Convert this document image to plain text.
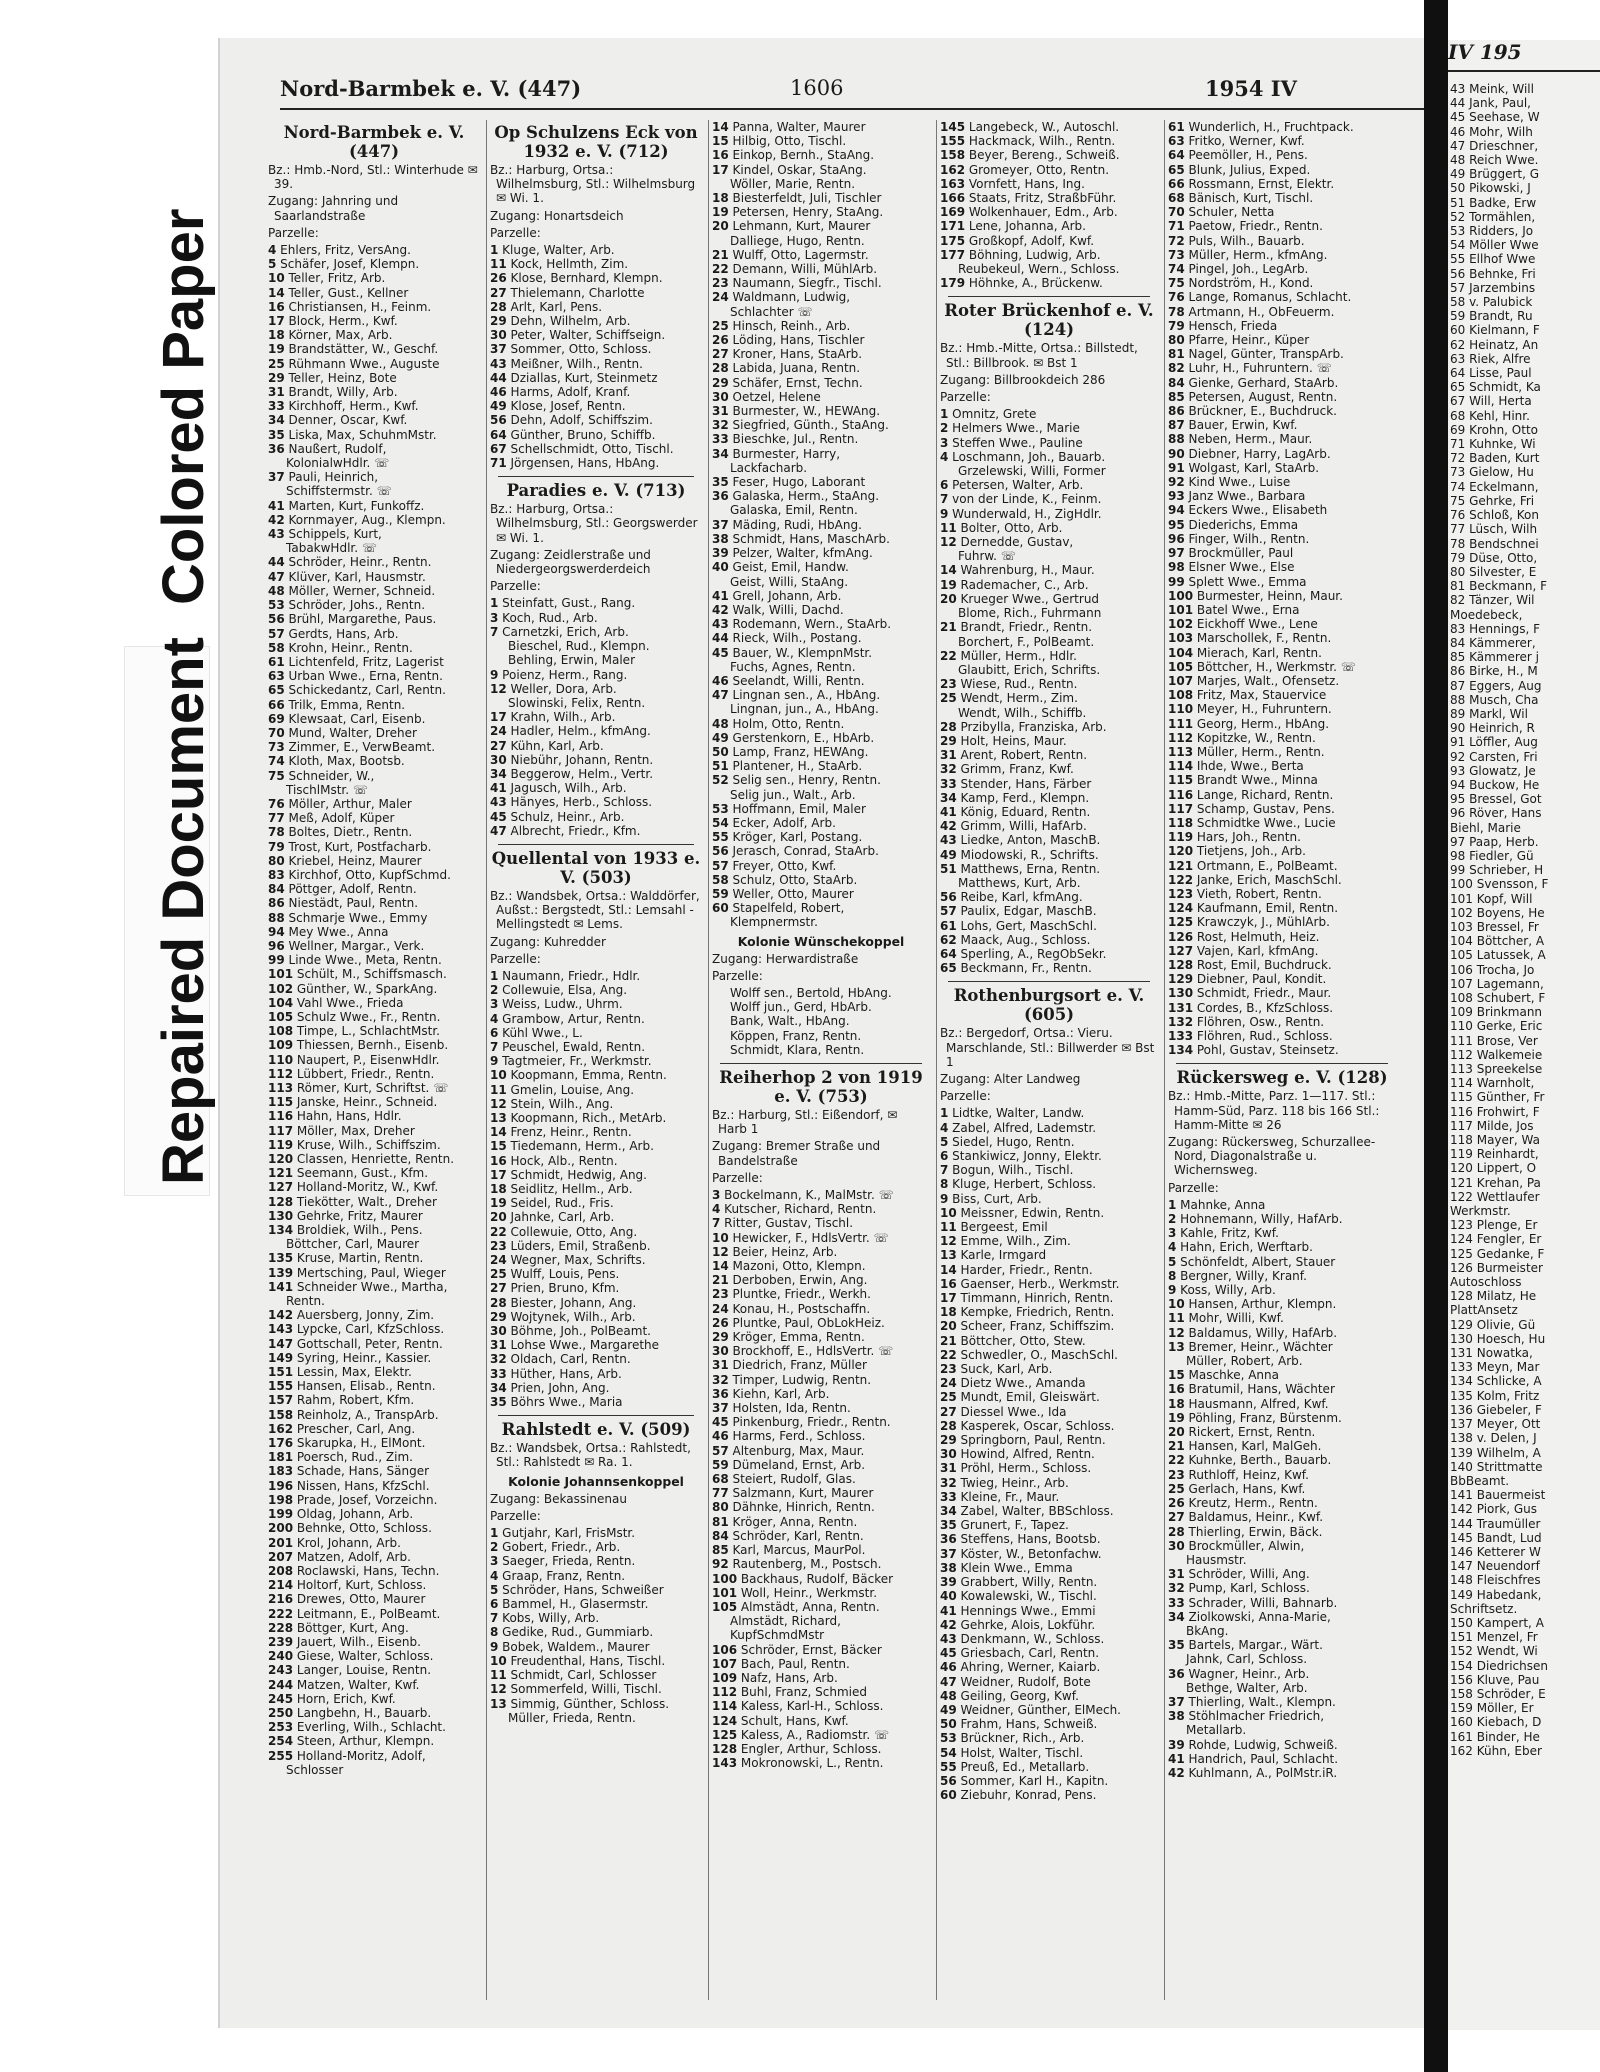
Colored Paper
Repaired Document
Nord-Barmbek e. V. (447)	1606	1954 IV
Nord-Barmbek e. V. (447)
Bz.: Hmb.-Nord, Stl.: Winterhude ✉ 39.
Zugang: Jahnring und Saarlandstraße
Parzelle:
4 Ehlers, Fritz, VersAng.
5 Schäfer, Josef, Klempn.
10 Teller, Fritz, Arb.
14 Teller, Gust., Kellner
16 Christiansen, H., Feinm.
17 Block, Herm., Kwf.
18 Körner, Max, Arb.
19 Brandstätter, W., Geschf.
25 Rühmann Wwe., Auguste
29 Teller, Heinz, Bote
31 Brandt, Willy, Arb.
33 Kirchhoff, Herm., Kwf.
34 Denner, Oscar, Kwf.
35 Liska, Max, SchuhmMstr.
36 Naußert, Rudolf,
KolonialwHdlr. ☏
37 Pauli, Heinrich,
Schiffstermstr. ☏
41 Marten, Kurt, Funkoffz.
42 Kornmayer, Aug., Klempn.
43 Schippels, Kurt,
TabakwHdlr. ☏
44 Schröder, Heinr., Rentn.
47 Klüver, Karl, Hausmstr.
48 Möller, Werner, Schneid.
53 Schröder, Johs., Rentn.
56 Brühl, Margarethe, Paus.
57 Gerdts, Hans, Arb.
58 Krohn, Heinr., Rentn.
61 Lichtenfeld, Fritz, Lagerist
63 Urban Wwe., Erna, Rentn.
65 Schickedantz, Carl, Rentn.
66 Trilk, Emma, Rentn.
69 Klewsaat, Carl, Eisenb.
70 Mund, Walter, Dreher
73 Zimmer, E., VerwBeamt.
74 Kloth, Max, Bootsb.
75 Schneider, W.,
TischlMstr. ☏
76 Möller, Arthur, Maler
77 Meß, Adolf, Küper
78 Boltes, Dietr., Rentn.
79 Trost, Kurt, Postfacharb.
80 Kriebel, Heinz, Maurer
83 Kirchhof, Otto, KupfSchmd.
84 Pöttger, Adolf, Rentn.
86 Niestädt, Paul, Rentn.
88 Schmarje Wwe., Emmy
94 Mey Wwe., Anna
96 Wellner, Margar., Verk.
99 Linde Wwe., Meta, Rentn.
101 Schült, M., Schiffsmasch.
102 Günther, W., SparkAng.
104 Vahl Wwe., Frieda
105 Schulz Wwe., Fr., Rentn.
108 Timpe, L., SchlachtMstr.
109 Thiessen, Bernh., Eisenb.
110 Naupert, P., EisenwHdlr.
112 Lübbert, Friedr., Rentn.
113 Römer, Kurt, Schriftst. ☏
115 Janske, Heinr., Schneid.
116 Hahn, Hans, Hdlr.
117 Möller, Max, Dreher
119 Kruse, Wilh., Schiffszim.
120 Classen, Henriette, Rentn.
121 Seemann, Gust., Kfm.
127 Holland-Moritz, W., Kwf.
128 Tiekötter, Walt., Dreher
130 Gehrke, Fritz, Maurer
134 Broldiek, Wilh., Pens.
Böttcher, Carl, Maurer
135 Kruse, Martin, Rentn.
139 Mertsching, Paul, Wieger
141 Schneider Wwe., Martha,
Rentn.
142 Auersberg, Jonny, Zim.
143 Lypcke, Carl, KfzSchloss.
147 Gottschall, Peter, Rentn.
149 Syring, Heinr., Kassier.
151 Lessin, Max, Elektr.
155 Hansen, Elisab., Rentn.
157 Rahm, Robert, Kfm.
158 Reinholz, A., TranspArb.
162 Prescher, Carl, Ang.
176 Skarupka, H., ElMont.
181 Poersch, Rud., Zim.
183 Schade, Hans, Sänger
196 Nissen, Hans, KfzSchl.
198 Prade, Josef, Vorzeichn.
199 Oldag, Johann, Arb.
200 Behnke, Otto, Schloss.
201 Krol, Johann, Arb.
207 Matzen, Adolf, Arb.
208 Roclawski, Hans, Techn.
214 Holtorf, Kurt, Schloss.
216 Drewes, Otto, Maurer
222 Leitmann, E., PolBeamt.
228 Böttger, Kurt, Ang.
239 Jauert, Wilh., Eisenb.
240 Giese, Walter, Schloss.
243 Langer, Louise, Rentn.
244 Matzen, Walter, Kwf.
245 Horn, Erich, Kwf.
250 Langbehn, H., Bauarb.
253 Everling, Wilh., Schlacht.
254 Steen, Arthur, Klempn.
255 Holland-Moritz, Adolf,
Schlosser
Op Schulzens Eck von 1932 e. V. (712)
Bz.: Harburg, Ortsa.: Wilhelmsburg, Stl.: Wilhelmsburg ✉ Wi. 1.
Zugang: Honartsdeich
Parzelle:
1 Kluge, Walter, Arb.
11 Kock, Hellmth, Zim.
26 Klose, Bernhard, Klempn.
27 Thielemann, Charlotte
28 Arlt, Karl, Pens.
29 Dehn, Wilhelm, Arb.
30 Peter, Walter, Schiffseign.
37 Sommer, Otto, Schloss.
43 Meißner, Wilh., Rentn.
44 Dziallas, Kurt, Steinmetz
46 Harms, Adolf, Kranf.
49 Klose, Josef, Rentn.
56 Dehn, Adolf, Schiffszim.
64 Günther, Bruno, Schiffb.
67 Schellschmidt, Otto, Tischl.
71 Jörgensen, Hans, HbAng.
Paradies e. V. (713)
Bz.: Harburg, Ortsa.: Wilhelmsburg, Stl.: Georgswerder ✉ Wi. 1.
Zugang: Zeidlerstraße und Niedergeorgswerderdeich
Parzelle:
1 Steinfatt, Gust., Rang.
3 Koch, Rud., Arb.
7 Carnetzki, Erich, Arb.
Bieschel, Rud., Klempn.
Behling, Erwin, Maler
9 Poienz, Herm., Rang.
12 Weller, Dora, Arb.
Slowinski, Felix, Rentn.
17 Krahn, Wilh., Arb.
24 Hadler, Helm., kfmAng.
27 Kühn, Karl, Arb.
30 Niebühr, Johann, Rentn.
34 Beggerow, Helm., Vertr.
41 Jagusch, Wilh., Arb.
43 Hänyes, Herb., Schloss.
45 Schulz, Heinr., Arb.
47 Albrecht, Friedr., Kfm.
Quellental von 1933 e. V. (503)
Bz.: Wandsbek, Ortsa.: Walddörfer, Außst.: Bergstedt, Stl.: Lemsahl - Mellingstedt ✉ Lems.
Zugang: Kuhredder
Parzelle:
1 Naumann, Friedr., Hdlr.
2 Collewuie, Elsa, Ang.
3 Weiss, Ludw., Uhrm.
4 Grambow, Artur, Rentn.
6 Kühl Wwe., L.
7 Peuschel, Ewald, Rentn.
9 Tagtmeier, Fr., Werkmstr.
10 Koopmann, Emma, Rentn.
11 Gmelin, Louise, Ang.
12 Stein, Wilh., Ang.
13 Koopmann, Rich., MetArb.
14 Frenz, Heinr., Rentn.
15 Tiedemann, Herm., Arb.
16 Hock, Alb., Rentn.
17 Schmidt, Hedwig, Ang.
18 Seidlitz, Hellm., Arb.
19 Seidel, Rud., Fris.
20 Jahnke, Carl, Arb.
22 Collewuie, Otto, Ang.
23 Lüders, Emil, Straßenb.
24 Wegner, Max, Schrifts.
25 Wulff, Louis, Pens.
27 Prien, Bruno, Kfm.
28 Biester, Johann, Ang.
29 Wojtynek, Wilh., Arb.
30 Böhme, Joh., PolBeamt.
31 Lohse Wwe., Margarethe
32 Oldach, Carl, Rentn.
33 Hüther, Hans, Arb.
34 Prien, John, Ang.
35 Böhrs Wwe., Maria
Rahlstedt e. V. (509)
Bz.: Wandsbek, Ortsa.: Rahlstedt, Stl.: Rahlstedt ✉ Ra. 1.
Kolonie Johannsenkoppel
Zugang: Bekassinenau
Parzelle:
1 Gutjahr, Karl, FrisMstr.
2 Gobert, Friedr., Arb.
3 Saeger, Frieda, Rentn.
4 Graap, Franz, Rentn.
5 Schröder, Hans, Schweißer
6 Bammel, H., Glasermstr.
7 Kobs, Willy, Arb.
8 Gedike, Rud., Gummiarb.
9 Bobek, Waldem., Maurer
10 Freudenthal, Hans, Tischl.
11 Schmidt, Carl, Schlosser
12 Sommerfeld, Willi, Tischl.
13 Simmig, Günther, Schloss.
Müller, Frieda, Rentn.
14 Panna, Walter, Maurer
15 Hilbig, Otto, Tischl.
16 Einkop, Bernh., StaAng.
17 Kindel, Oskar, StaAng.
Wöller, Marie, Rentn.
18 Biesterfeldt, Juli, Tischler
19 Petersen, Henry, StaAng.
20 Lehmann, Kurt, Maurer
Dalliege, Hugo, Rentn.
21 Wulff, Otto, Lagermstr.
22 Demann, Willi, MühlArb.
23 Naumann, Siegfr., Tischl.
24 Waldmann, Ludwig,
Schlachter ☏
25 Hinsch, Reinh., Arb.
26 Löding, Hans, Tischler
27 Kroner, Hans, StaArb.
28 Labida, Juana, Rentn.
29 Schäfer, Ernst, Techn.
30 Oetzel, Helene
31 Burmester, W., HEWAng.
32 Siegfried, Günth., StaAng.
33 Bieschke, Jul., Rentn.
34 Burmester, Harry,
Lackfacharb.
35 Feser, Hugo, Laborant
36 Galaska, Herm., StaAng.
Galaska, Emil, Rentn.
37 Mäding, Rudi, HbAng.
38 Schmidt, Hans, MaschArb.
39 Pelzer, Walter, kfmAng.
40 Geist, Emil, Handw.
Geist, Willi, StaAng.
41 Grell, Johann, Arb.
42 Walk, Willi, Dachd.
43 Rodemann, Wern., StaArb.
44 Rieck, Wilh., Postang.
45 Bauer, W., KlempnMstr.
Fuchs, Agnes, Rentn.
46 Seelandt, Willi, Rentn.
47 Lingnan sen., A., HbAng.
Lingnan, jun., A., HbAng.
48 Holm, Otto, Rentn.
49 Gerstenkorn, E., HbArb.
50 Lamp, Franz, HEWAng.
51 Plantener, H., StaArb.
52 Selig sen., Henry, Rentn.
Selig jun., Walt., Arb.
53 Hoffmann, Emil, Maler
54 Ecker, Adolf, Arb.
55 Kröger, Karl, Postang.
56 Jerasch, Conrad, StaArb.
57 Freyer, Otto, Kwf.
58 Schulz, Otto, StaArb.
59 Weller, Otto, Maurer
60 Stapelfeld, Robert,
Klempnermstr.
Kolonie Wünschekoppel
Zugang: Herwardistraße
Parzelle:
Wolff sen., Bertold, HbAng.
Wolff jun., Gerd, HbArb.
Bank, Walt., HbAng.
Köppen, Franz, Rentn.
Schmidt, Klara, Rentn.
Reiherhop 2 von 1919 e. V. (753)
Bz.: Harburg, Stl.: Eißendorf, ✉ Harb 1
Zugang: Bremer Straße und Bandelstraße
Parzelle:
3 Bockelmann, K., MalMstr. ☏
4 Kutscher, Richard, Rentn.
7 Ritter, Gustav, Tischl.
10 Hewicker, F., HdlsVertr. ☏
12 Beier, Heinz, Arb.
14 Mazoni, Otto, Klempn.
21 Derboben, Erwin, Ang.
23 Pluntke, Friedr., Werkh.
24 Konau, H., Postschaffn.
26 Pluntke, Paul, ObLokHeiz.
29 Kröger, Emma, Rentn.
30 Brockhoff, E., HdlsVertr. ☏
31 Diedrich, Franz, Müller
32 Timper, Ludwig, Rentn.
36 Kiehn, Karl, Arb.
37 Holsten, Ida, Rentn.
45 Pinkenburg, Friedr., Rentn.
46 Harms, Ferd., Schloss.
57 Altenburg, Max, Maur.
59 Dümeland, Ernst, Arb.
68 Steiert, Rudolf, Glas.
77 Salzmann, Kurt, Maurer
80 Dähnke, Hinrich, Rentn.
81 Kröger, Anna, Rentn.
84 Schröder, Karl, Rentn.
85 Karl, Marcus, MaurPol.
92 Rautenberg, M., Postsch.
100 Backhaus, Rudolf, Bäcker
101 Woll, Heinr., Werkmstr.
105 Almstädt, Anna, Rentn.
Almstädt, Richard,
KupfSchmdMstr
106 Schröder, Ernst, Bäcker
107 Bach, Paul, Rentn.
109 Nafz, Hans, Arb.
112 Buhl, Franz, Schmied
114 Kaless, Karl-H., Schloss.
124 Schult, Hans, Kwf.
125 Kaless, A., Radiomstr. ☏
128 Engler, Arthur, Schloss.
143 Mokronowski, L., Rentn.
145 Langebeck, W., Autoschl.
155 Hackmack, Wilh., Rentn.
158 Beyer, Bereng., Schweiß.
162 Gromeyer, Otto, Rentn.
163 Vornfett, Hans, Ing.
166 Staats, Fritz, StraßbFühr.
169 Wolkenhauer, Edm., Arb.
171 Lene, Johanna, Arb.
175 Großkopf, Adolf, Kwf.
177 Böhning, Ludwig, Arb.
Reubekeul, Wern., Schloss.
179 Höhnke, A., Brückenw.
Roter Brückenhof e. V. (124)
Bz.: Hmb.-Mitte, Ortsa.: Billstedt, Stl.: Billbrook. ✉ Bst 1
Zugang: Billbrookdeich 286
Parzelle:
1 Omnitz, Grete
2 Helmers Wwe., Marie
3 Steffen Wwe., Pauline
4 Loschmann, Joh., Bauarb.
Grzelewski, Willi, Former
6 Petersen, Walter, Arb.
7 von der Linde, K., Feinm.
9 Wunderwald, H., ZigHdlr.
11 Bolter, Otto, Arb.
12 Dernedde, Gustav,
Fuhrw. ☏
14 Wahrenburg, H., Maur.
19 Rademacher, C., Arb.
20 Krueger Wwe., Gertrud
Blome, Rich., Fuhrmann
21 Brandt, Friedr., Rentn.
Borchert, F., PolBeamt.
22 Müller, Herm., Hdlr.
Glaubitt, Erich, Schrifts.
23 Wiese, Rud., Rentn.
25 Wendt, Herm., Zim.
Wendt, Wilh., Schiffb.
28 Przibylla, Franziska, Arb.
29 Holt, Heins, Maur.
31 Arent, Robert, Rentn.
32 Grimm, Franz, Kwf.
33 Stender, Hans, Färber
34 Kamp, Ferd., Klempn.
41 König, Eduard, Rentn.
42 Grimm, Willi, HafArb.
43 Liedke, Anton, MaschB.
49 Miodowski, R., Schrifts.
51 Matthews, Erna, Rentn.
Matthews, Kurt, Arb.
56 Reibe, Karl, kfmAng.
57 Paulix, Edgar, MaschB.
61 Lohs, Gert, MaschSchl.
62 Maack, Aug., Schloss.
64 Sperling, A., RegObSekr.
65 Beckmann, Fr., Rentn.
Rothenburgsort e. V. (605)
Bz.: Bergedorf, Ortsa.: Vieru. Marschlande, Stl.: Billwerder ✉ Bst 1
Zugang: Alter Landweg
Parzelle:
1 Lidtke, Walter, Landw.
4 Zabel, Alfred, Lademstr.
5 Siedel, Hugo, Rentn.
6 Stankiwicz, Jonny, Elektr.
7 Bogun, Wilh., Tischl.
8 Kluge, Herbert, Schloss.
9 Biss, Curt, Arb.
10 Meissner, Edwin, Rentn.
11 Bergeest, Emil
12 Emme, Wilh., Zim.
13 Karle, Irmgard
14 Harder, Friedr., Rentn.
16 Gaenser, Herb., Werkmstr.
17 Timmann, Hinrich, Rentn.
18 Kempke, Friedrich, Rentn.
20 Scheer, Franz, Schiffszim.
21 Böttcher, Otto, Stew.
22 Schwedler, O., MaschSchl.
23 Suck, Karl, Arb.
24 Dietz Wwe., Amanda
25 Mundt, Emil, Gleiswärt.
27 Diessel Wwe., Ida
28 Kasperek, Oscar, Schloss.
29 Springborn, Paul, Rentn.
30 Howind, Alfred, Rentn.
31 Pröhl, Herm., Schloss.
32 Twieg, Heinr., Arb.
33 Kleine, Fr., Maur.
34 Zabel, Walter, BBSchloss.
35 Grunert, F., Tapez.
36 Steffens, Hans, Bootsb.
37 Köster, W., Betonfachw.
38 Klein Wwe., Emma
39 Grabbert, Willy, Rentn.
40 Kowalewski, W., Tischl.
41 Hennings Wwe., Emmi
42 Gehrke, Alois, Lokführ.
43 Denkmann, W., Schloss.
45 Griesbach, Carl, Rentn.
46 Ahring, Werner, Kaiarb.
47 Weidner, Rudolf, Bote
48 Geiling, Georg, Kwf.
49 Weidner, Günther, ElMech.
50 Frahm, Hans, Schweiß.
53 Brückner, Rich., Arb.
54 Holst, Walter, Tischl.
55 Preuß, Ed., Metallarb.
56 Sommer, Karl H., Kapitn.
60 Ziebuhr, Konrad, Pens.
61 Wunderlich, H., Fruchtpack.
63 Fritko, Werner, Kwf.
64 Peemöller, H., Pens.
65 Blunk, Julius, Exped.
66 Rossmann, Ernst, Elektr.
68 Bänisch, Kurt, Tischl.
70 Schuler, Netta
71 Paetow, Friedr., Rentn.
72 Puls, Wilh., Bauarb.
73 Müller, Herm., kfmAng.
74 Pingel, Joh., LegArb.
75 Nordström, H., Kond.
76 Lange, Romanus, Schlacht.
78 Artmann, H., ObFeuerm.
79 Hensch, Frieda
80 Pfarre, Heinr., Küper
81 Nagel, Günter, TranspArb.
82 Luhr, H., Fuhruntern. ☏
84 Gienke, Gerhard, StaArb.
85 Petersen, August, Rentn.
86 Brückner, E., Buchdruck.
87 Bauer, Erwin, Kwf.
88 Neben, Herm., Maur.
90 Diebner, Harry, LagArb.
91 Wolgast, Karl, StaArb.
92 Kind Wwe., Luise
93 Janz Wwe., Barbara
94 Eckers Wwe., Elisabeth
95 Diederichs, Emma
96 Finger, Wilh., Rentn.
97 Brockmüller, Paul
98 Elsner Wwe., Else
99 Splett Wwe., Emma
100 Burmester, Heinn, Maur.
101 Batel Wwe., Erna
102 Eickhoff Wwe., Lene
103 Marschollek, F., Rentn.
104 Mierach, Karl, Rentn.
105 Böttcher, H., Werkmstr. ☏
107 Marjes, Walt., Ofensetz.
108 Fritz, Max, Stauervice
110 Meyer, H., Fuhruntern.
111 Georg, Herm., HbAng.
112 Kopitzke, W., Rentn.
113 Müller, Herm., Rentn.
114 Ihde, Wwe., Berta
115 Brandt Wwe., Minna
116 Lange, Richard, Rentn.
117 Schamp, Gustav, Pens.
118 Schmidtke Wwe., Lucie
119 Hars, Joh., Rentn.
120 Tietjens, Joh., Arb.
121 Ortmann, E., PolBeamt.
122 Janke, Erich, MaschSchl.
123 Vieth, Robert, Rentn.
124 Kaufmann, Emil, Rentn.
125 Krawczyk, J., MühlArb.
126 Rost, Helmuth, Heiz.
127 Vajen, Karl, kfmAng.
128 Rost, Emil, Buchdruck.
129 Diebner, Paul, Kondit.
130 Schmidt, Friedr., Maur.
131 Cordes, B., KfzSchloss.
132 Flöhren, Osw., Rentn.
133 Flöhren, Rud., Schloss.
134 Pohl, Gustav, Steinsetz.
Rückersweg e. V. (128)
Bz.: Hmb.-Mitte, Parz. 1—117. Stl.: Hamm-Süd, Parz. 118 bis 166 Stl.: Hamm-Mitte ✉ 26
Zugang: Rückersweg, Schurzallee-Nord, Diagonalstraße u. Wichernsweg.
Parzelle:
1 Mahnke, Anna
2 Hohnemann, Willy, HafArb.
3 Kahle, Fritz, Kwf.
4 Hahn, Erich, Werftarb.
5 Schönfeldt, Albert, Stauer
8 Bergner, Willy, Kranf.
9 Koss, Willy, Arb.
10 Hansen, Arthur, Klempn.
11 Mohr, Willi, Kwf.
12 Baldamus, Willy, HafArb.
13 Bremer, Heinr., Wächter
Müller, Robert, Arb.
15 Maschke, Anna
16 Bratumil, Hans, Wächter
18 Hausmann, Alfred, Kwf.
19 Pöhling, Franz, Bürstenm.
20 Rickert, Ernst, Rentn.
21 Hansen, Karl, MalGeh.
22 Kuhnke, Berth., Bauarb.
23 Ruthloff, Heinz, Kwf.
25 Gerlach, Hans, Kwf.
26 Kreutz, Herm., Rentn.
27 Baldamus, Heinr., Kwf.
28 Thierling, Erwin, Bäck.
30 Brockmüller, Alwin,
Hausmstr.
31 Schröder, Willi, Ang.
32 Pump, Karl, Schloss.
33 Schrader, Willi, Bahnarb.
34 Ziolkowski, Anna-Marie,
BkAng.
35 Bartels, Margar., Wärt.
Jahnk, Carl, Schloss.
36 Wagner, Heinr., Arb.
Bethge, Walter, Arb.
37 Thierling, Walt., Klempn.
38 Stöhlmacher Friedrich,
Metallarb.
39 Rohde, Ludwig, Schweiß.
41 Handrich, Paul, Schlacht.
42 Kuhlmann, A., PolMstr.iR.
IV 195
43 Meink, Will
44 Jank, Paul,
45 Seehase, W
46 Mohr, Wilh
47 Drieschner,
48 Reich Wwe.
49 Brüggert, G
50 Pikowski, J
51 Badke, Erw
52 Tormählen,
53 Ridders, Jo
54 Möller Wwe
55 Ellhof Wwe
56 Behnke, Fri
57 Jarzembins
58 v. Palubick
59 Brandt, Ru
60 Kielmann, F
62 Heinatz, An
63 Riek, Alfre
64 Lisse, Paul
65 Schmidt, Ka
67 Will, Herta
68 Kehl, Hinr.
69 Krohn, Otto
71 Kuhnke, Wi
72 Baden, Kurt
73 Gielow, Hu
74 Eckelmann,
75 Gehrke, Fri
76 Schloß, Kon
77 Lüsch, Wilh
78 Bendschnei
79 Düse, Otto,
80 Silvester, E
81 Beckmann, F
82 Tänzer, Wil
Moedebeck,
83 Hennings, F
84 Kämmerer,
85 Kämmerer j
86 Birke, H., M
87 Eggers, Aug
88 Musch, Cha
89 Markl, Wil
90 Heinrich, R
91 Löffler, Aug
92 Carsten, Fri
93 Glowatz, Je
94 Buckow, He
95 Bressel, Got
96 Röver, Hans
Biehl, Marie
97 Paap, Herb.
98 Fiedler, Gü
99 Schrieber, H
100 Svensson, F
101 Kopf, Will
102 Boyens, He
103 Bressel, Fr
104 Böttcher, A
105 Latussek, A
106 Trocha, Jo
107 Lagemann,
108 Schubert, F
109 Brinkmann
110 Gerke, Eric
111 Brose, Ver
112 Walkemeie
113 Spreekelse
114 Warnholt,
115 Günther, Fr
116 Frohwirt, F
117 Milde, Jos
118 Mayer, Wa
119 Reinhardt,
120 Lippert, O
121 Krehan, Pa
122 Wettlaufer
Werkmstr.
123 Plenge, Er
124 Fengler, Er
125 Gedanke, F
126 Burmeister
Autoschloss
128 Milatz, He
PlattAnsetz
129 Olivie, Gü
130 Hoesch, Hu
131 Nowatka,
133 Meyn, Mar
134 Schlicke, A
135 Kolm, Fritz
136 Giebeler, F
137 Meyer, Ott
138 v. Delen, J
139 Wilhelm, A
140 Strittmatte
BbBeamt.
141 Bauermeist
142 Piork, Gus
144 Traumüller
145 Bandt, Lud
146 Ketterer W
147 Neuendorf
148 Fleischfres
149 Habedank,
Schriftsetz.
150 Kampert, A
151 Menzel, Fr
152 Wendt, Wi
154 Diedrichsen
156 Kluve, Pau
158 Schröder, E
159 Möller, Er
160 Kiebach, D
161 Binder, He
162 Kühn, Eber
